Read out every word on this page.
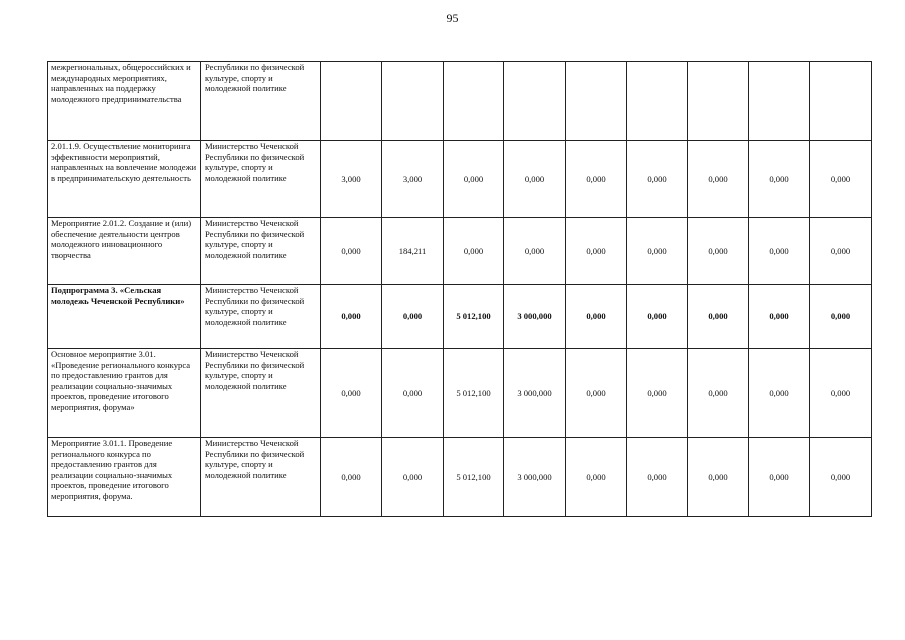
95
межрегиональных, общероссийских и международных мероприятиях, направленных на поддержку молодежного предпринимательства	Республики по физической культуре, спорту и молодежной политике									
2.01.1.9. Осуществление мониторинга эффективности мероприятий, направленных на вовлечение молодежи в предпринимательскую деятельность	Министерство Чеченской Республики по физической культуре, спорту и молодежной политике	3,000	3,000	0,000	0,000	0,000	0,000	0,000	0,000	0,000
Мероприятие 2.01.2. Создание и (или) обеспечение деятельности центров молодежного инновационного творчества	Министерство Чеченской Республики по физической культуре, спорту и молодежной политике	0,000	184,211	0,000	0,000	0,000	0,000	0,000	0,000	0,000
Подпрограмма 3. «Сельская молодежь Чеченской Республики»	Министерство Чеченской Республики по физической культуре, спорту и молодежной политике	0,000	0,000	5 012,100	3 000,000	0,000	0,000	0,000	0,000	0,000
Основное мероприятие 3.01. «Проведение регионального конкурса по предоставлению грантов для реализации социально-значимых проектов, проведение итогового мероприятия, форума»	Министерство Чеченской Республики по физической культуре, спорту и молодежной политике	0,000	0,000	5 012,100	3 000,000	0,000	0,000	0,000	0,000	0,000
Мероприятие 3.01.1. Проведение регионального конкурса по предоставлению грантов для реализации социально-значимых проектов, проведение итогового мероприятия, форума.	Министерство Чеченской Республики по физической культуре, спорту и молодежной политике	0,000	0,000	5 012,100	3 000,000	0,000	0,000	0,000	0,000	0,000
